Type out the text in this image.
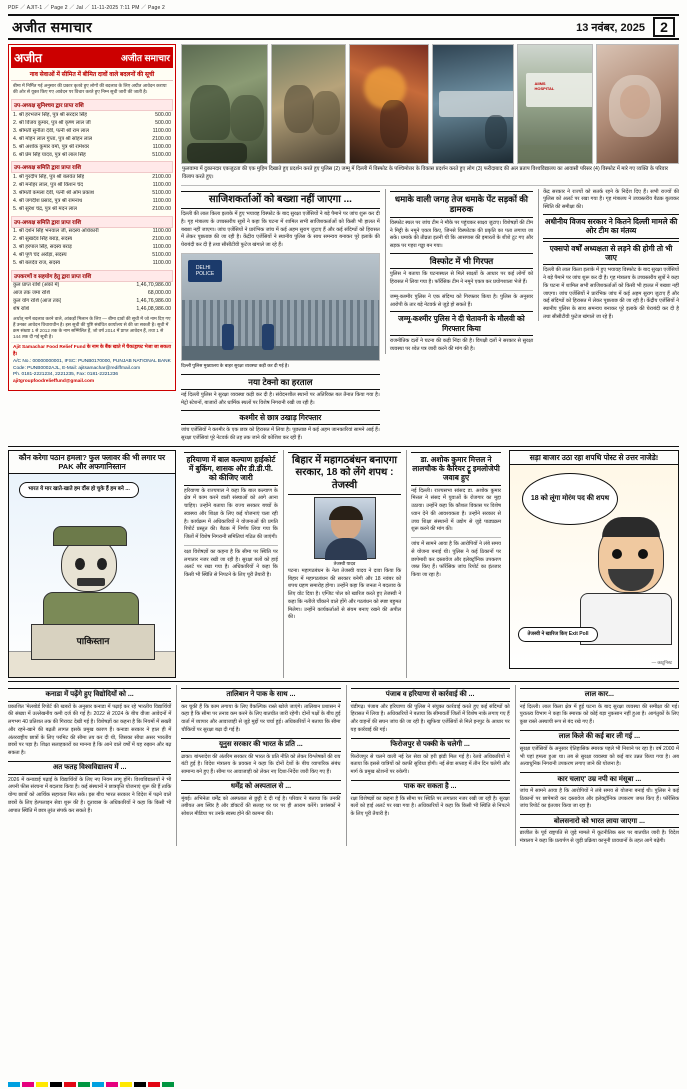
PDF ／ AJIT-1 ／ Page 2 ／ Jal ／ 11-11-2025 7:11 PM ／ Page 2
अजीत समाचार	13 नवंबर, 2025	2
अजीत	अजीत समाचार
नाव सेवाओं में सीमित में बीमित दावों वाले बदलनों की सूची
बीमा में निर्मित गई अनुसार की प्रकार कृतवे हुए लोगों की बदलाव के लिए अग्रीत आवेदन कराया की ओर से यूक्त किए गए आवेदन पर विचार करते हुए निम्न सूची जारी की जाती है।
उप-अध्यक्ष सुनिश्चय द्वार प्राप्त राशि
1. श्री हरभजन सिंह, पुत्र श्री सरदार सिंह	500.00
2. श्री विजय कुमार, पुत्र श्री कृष्ण लाल जी	500.00
3. श्रीमती सुनीता देवी, पत्नी श्री राम लाल	1100.00
4. श्री मोहन लाल गुप्ता, पुत्र श्री सोहन लाल	2100.00
5. श्री अशोक कुमार वर्मा, पुत्र श्री रामेश्वर	1100.00
6. श्री प्रेम सिंह यादव, पुत्र श्री लाल सिंह	5100.00
उप-अध्यक्ष समिति द्वारा प्राप्त राशि
1. श्री गुरदीप सिंह, पुत्र श्री बलवंत सिंह	2100.00
2. श्री मनोहर लाल, पुत्र श्री किशन चंद	1100.00
3. श्रीमती कमला देवी, पत्नी श्री ओम प्रकाश	5100.00
4. श्री जगदीश प्रसाद, पुत्र श्री रामनाथ	1100.00
5. श्री सुरेश चंद्र, पुत्र श्री मदन लाल	2100.00
उप-अध्यक्ष समिति द्वारा प्राप्त राशि
1. श्री दर्शन सिंह भनवाल जी, सदस्य अधिकारी	1100.00
2. श्री सुखदेव सिंह बराड़, सदस्य	2100.00
3. श्री हरपाल सिंह, सदस्य बराड़	1100.00
4. श्री पूर्ण चंद अरोड़ा, सदस्य	5100.00
5. श्री बलदेव राज, सदस्य	1100.00
उपकरणों व सहयोग हेतु द्वारा प्राप्त राशि
कुल प्राप्त राशि (अंकों में)	1,46,70,986.00
आज तक जमा राशि	68,000.00
कुल योग राशि (आज तक)	1,46,76,986.00
शेष राशि	1,46,08,986.00
अर्थात् नामें बदलाव करने वाले, आंकड़ों मिलान के लिए — बीमा दावों की सूची में जो नाम दिए गए हैं उनका आवेदन विचाराधीन है। इस सूची की पुष्टि संबंधित कार्यालय से की जा सकती है। सूची में क्रम संख्या 1 से 2012 तक के नाम सम्मिलित हैं, जो वर्ष 2014 में प्राप्त आवेदन हैं, तथा 1 से 144 तक दी गई सूची है।
Ajit Samachar Food Relief Fund के नाम के बैंक खाते में चैक/ड्राफ्ट भेजा जा सकता है।
A/C No.: 00000000001, IFSC: PUNB0170000, PUNJAB NATIONAL BANK
Code: PUNB0002AJL, E-Mail: ajitsamachar@rediffmail.com
Ph. 0181-2221234, 2221235, Fax: 0181-2221236
ajitgroupfoodrelieffund@gmail.com
AIIMS
HOSPITAL
फुलवामा में दुकानदार एकजुटता की एक मुहिम दिखाते हुए प्रदर्शन करते हुए पुलिस (2) जम्मू में दिल्ली में विस्फोट के पश्चिमोत्तर के विकास प्रदर्शन करते हुए लोग (3) फरीदाबाद की अल प्रताप विश्वविद्यालय का आवासी परिसर (4) विस्फोट में मारे गए व्यक्ति के परिवार विलाप करते हुए।
साजिशकर्ताओं को बख्शा नहीं जाएगा ...
दिल्ली की लाल किला इलाके में हुए भयावह विस्फोट के बाद सुरक्षा एजेंसियों ने बड़े पैमाने पर जांच शुरू कर दी है। गृह मंत्रालय के उच्चस्तरीय सूत्रों ने कहा कि घटना में शामिल सभी साजिशकर्ताओं को किसी भी हालत में बख्शा नहीं जाएगा। जांच एजेंसियों ने प्रारंभिक जांच में कई अहम सुराग जुटाए हैं और कई संदिग्धों को हिरासत में लेकर पूछताछ की जा रही है। केंद्रीय एजेंसियों ने स्थानीय पुलिस के साथ समन्वय बनाकर पूरे इलाके की घेराबंदी कर दी है तथा सीसीटीवी फुटेज खंगाले जा रहे हैं।
DELHI
POLICE
दिल्ली पुलिस मुख्यालय के बाहर सुरक्षा व्यवस्था कड़ी कर दी गई है।
नया टेक्नो का हरताल
नई दिल्ली पुलिस ने सुरक्षा व्यवस्था कड़ी कर दी है। संवेदनशील स्थानों पर अतिरिक्त बल तैनात किया गया है। मेट्रो स्टेशनों, बाजारों और धार्मिक स्थलों पर विशेष निगरानी रखी जा रही है।
कश्मीर से छात्र उखाड़ गिरफ्तार
जांच एजेंसियों ने कश्मीर के एक छात्र को हिरासत में लिया है। पूछताछ में कई अहम जानकारियां सामने आई हैं। सुरक्षा एजेंसियां पूरे नेटवर्क की तह तक जाने की कोशिश कर रही हैं।
धमाके वाली जगह तेज धमाके पेंट सड़कों की डामरुक
विस्फोट स्थल पर जांच टीम ने मौके पर पहुंचकर साक्ष्य जुटाए। विशेषज्ञों की टीम ने मिट्टी के नमूने एकत्र किए, जिनसे विस्फोटक की प्रकृति का पता लगाया जा सके। धमाके की तीव्रता इतनी थी कि आसपास की इमारतों के शीशे टूट गए और सड़क पर गहरा गड्ढा बन गया।
विस्फोट में भी गिरफ्त
पुलिस ने बताया कि घटनास्थल से मिले साक्ष्यों के आधार पर कई लोगों को हिरासत में लिया गया है। फॉरेंसिक टीम ने नमूने एकत्र कर प्रयोगशाला भेजे हैं।
जम्मू-कश्मीर पुलिस ने एक संदिग्ध को गिरफ्तार किया है। पुलिस के अनुसार आरोपी के तार बड़े नेटवर्क से जुड़े हो सकते हैं।
जम्मू-कश्मीर पुलिस ने दी चेतावनी के मौलवी को गिरफ्तार किया
राजनीतिक दलों ने घटना की कड़ी निंदा की है। विपक्षी दलों ने सरकार से सुरक्षा व्यवस्था पर श्वेत पत्र जारी करने की मांग की है।
केंद्र सरकार ने राज्यों को सतर्क रहने के निर्देश दिए हैं। सभी राज्यों की पुलिस को अलर्ट पर रखा गया है। गृह मंत्रालय ने उच्चस्तरीय बैठक बुलाकर स्थिति की समीक्षा की।
अधीनीय विजय सरकार ने कितने दिल्ली मामले की ओर टीम का मंतव्य
एक्सपो वर्षों अध्यक्षता से लड़ने की होगी तो भी जाए
दिल्ली की लाल किला इलाके में हुए भयावह विस्फोट के बाद सुरक्षा एजेंसियों ने बड़े पैमाने पर जांच शुरू कर दी है। गृह मंत्रालय के उच्चस्तरीय सूत्रों ने कहा कि घटना में शामिल सभी साजिशकर्ताओं को किसी भी हालत में बख्शा नहीं जाएगा। जांच एजेंसियों ने प्रारंभिक जांच में कई अहम सुराग जुटाए हैं और कई संदिग्धों को हिरासत में लेकर पूछताछ की जा रही है। केंद्रीय एजेंसियों ने स्थानीय पुलिस के साथ समन्वय बनाकर पूरे इलाके की घेराबंदी कर दी है तथा सीसीटीवी फुटेज खंगाले जा रहे हैं।
कौन करेगा पठान हमला? फुल फ्लावर की भी लगार पर PAK और अफगानिस्तान
भारत ये मार खाते-खाते हम दौंस हो चुके हैं हम बने ...
पाकिस्तान
हरियाणा में बाल कल्याण हाईकोर्ट में बुकिंग, शासक और डी.डी.पी. को कीजिए जारी
हरियाणा के राज्यपाल ने कहा कि बाल कल्याण के क्षेत्र में काम करने वाली संस्थाओं को आगे आना चाहिए। उन्होंने बताया कि राज्य सरकार बच्चों के स्वास्थ्य और शिक्षा के लिए कई योजनाएं चला रही है। कार्यक्रम में अधिकारियों ने योजनाओं की प्रगति रिपोर्ट प्रस्तुत की। बैठक में निर्णय लिया गया कि जिलों में विशेष निगरानी समितियां गठित की जाएंगी।
रक्षा विशेषज्ञों का कहना है कि सीमा पर स्थिति पर लगातार नजर रखी जा रही है। सुरक्षा बलों को हाई अलर्ट पर रखा गया है। अधिकारियों ने कहा कि किसी भी स्थिति से निपटने के लिए पूरी तैयारी है।
बिहार में महागठबंधन बनाएगा सरकार, 18 को लेंगे शपथ : तेजस्वी
तेजस्वी यादव
पटना। महागठबंधन के नेता तेजस्वी यादव ने दावा किया कि बिहार में महागठबंधन की सरकार बनेगी और 18 नवंबर को शपथ ग्रहण समारोह होगा। उन्होंने कहा कि जनता ने बदलाव के लिए वोट दिया है। एग्जिट पोल को खारिज करते हुए तेजस्वी ने कहा कि नतीजे चौंकाने वाले होंगे और गठबंधन को स्पष्ट बहुमत मिलेगा। उन्होंने कार्यकर्ताओं से संयम बनाए रखने की अपील की।
डा. अशोक कुमार मित्तल ने लालचौक के कैरियर ट्रू इमलोजेपी जवाब हुए
नई दिल्ली। राज्यसभा सांसद डा. अशोक कुमार मित्तल ने संसद में युवाओं के रोजगार का मुद्दा उठाया। उन्होंने कहा कि कौशल विकास पर विशेष ध्यान देने की आवश्यकता है। उन्होंने सरकार से उच्च शिक्षा संस्थानों में उद्योग से जुड़े पाठ्यक्रम शुरू करने की मांग की।
जांच में सामने आया है कि आरोपियों ने लंबे समय से योजना बनाई थी। पुलिस ने कई ठिकानों पर छापेमारी कर दस्तावेज और इलेक्ट्रॉनिक उपकरण जब्त किए हैं। फॉरेंसिक जांच रिपोर्ट का इंतजार किया जा रहा है।
सड़ा बाजार उठा रहा शपथि पोस्ट से उत्तर नाजेडे!
18 को लूंगा मोरंम पद की शपथ
तेजस्वी ने खारिज किए Exit Poll
— काटूनिस्ट
कनाडा में पढ़ेंगे हुए विद्योदियों को ...
प्रकाशित 'मेलबोर्ड रिपोर्ट की खबरों के अनुसार कनाडा में पढ़ाई कर रहे भारतीय विद्यार्थियों की संख्या में उल्लेखनीय कमी दर्ज की गई है। 2022 से 2024 के बीच वीजा आवेदनों में लगभग 40 प्रतिशत तक की गिरावट देखी गई है। विशेषज्ञों का कहना है कि नियमों में सख्ती और रहने-खाने की बढ़ती लागत इसके प्रमुख कारण हैं। कनाडा सरकार ने हाल ही में अंतरराष्ट्रीय छात्रों के लिए परमिट की सीमा तय कर दी थी, जिसका सीधा असर भारतीय छात्रों पर पड़ा है। शिक्षा सलाहकारों का मानना है कि आने वाले वर्षों में यह रुझान और बढ़ सकता है।
अत फतह विश्वविद्यालय में ...
2026 में कनाडाई पढ़ाई के विद्यार्थियों के लिए नए नियम लागू होंगे। विश्वविद्यालयों ने भी अपनी फीस संरचना में बदलाव किया है। कई संस्थानों ने छात्रवृत्ति योजनाएं शुरू की हैं ताकि योग्य छात्रों को आर्थिक सहायता मिल सके। इस बीच भारत सरकार ने विदेश में पढ़ने वाले छात्रों के लिए हेल्पलाइन सेवा शुरू की है। दूतावास के अधिकारियों ने कहा कि किसी भी आपात स्थिति में छात्र तुरंत संपर्क कर सकते हैं।
तालिबान ने पाक के साथ ...
कर चुकी हैं कि काम लगाया के लिए वैकल्पिक रास्ते खोजे जाएंगे। तालिबान प्रशासन ने कहा है कि सीमा पर तनाव कम करने के लिए बातचीत जारी रहेगी। दोनों पक्षों के बीच हुई वार्ता में व्यापार और आवाजाही से जुड़े मुद्दों पर चर्चा हुई। अधिकारियों ने बताया कि सीमा चौकियों पर सुरक्षा बढ़ा दी गई है।
यूनुस सरकार की भारत के प्रति ...
ढाका। बांग्लादेश की अंतरिम सरकार की भारत के प्रति नीति को लेकर विश्लेषकों की राय बंटी हुई है। विदेश मंत्रालय के प्रवक्ता ने कहा कि दोनों देशों के बीच व्यापारिक संबंध सामान्य बने हुए हैं। सीमा पर आवाजाही को लेकर नए दिशा-निर्देश जारी किए गए हैं।
धर्मेंद्र को अस्पताल से ...
मुंबई। अभिनेता धर्मेंद्र को अस्पताल से छुट्टी दे दी गई है। परिवार ने बताया कि उनकी तबीयत अब स्थिर है और डॉक्टरों की सलाह पर घर पर ही आराम करेंगे। प्रशंसकों ने सोशल मीडिया पर उनके स्वस्थ होने की कामना की।
पंजाब व हरियाणा से कार्रवाई की ...
चंडीगढ़। पंजाब और हरियाणा की पुलिस ने संयुक्त कार्रवाई करते हुए कई संदिग्धों को हिरासत में लिया है। अधिकारियों ने बताया कि सीमावर्ती जिलों में विशेष नाके लगाए गए हैं और वाहनों की सघन जांच की जा रही है। खुफिया एजेंसियों से मिले इनपुट के आधार पर यह कार्रवाई की गई।
फिरोजपुर से पक्की के चलेगी ...
फिरोजपुर से चलने वाली नई रेल सेवा को हरी झंडी मिल गई है। रेलवे अधिकारियों ने बताया कि इससे यात्रियों को काफी सुविधा होगी। नई सेवा सप्ताह में तीन दिन चलेगी और मार्ग के प्रमुख स्टेशनों पर रुकेगी।
पाक कर सकता है ...
रक्षा विशेषज्ञों का कहना है कि सीमा पर स्थिति पर लगातार नजर रखी जा रही है। सुरक्षा बलों को हाई अलर्ट पर रखा गया है। अधिकारियों ने कहा कि किसी भी स्थिति से निपटने के लिए पूरी तैयारी है।
लाल कार...
नई दिल्ली। लाल किला क्षेत्र में हुई घटना के बाद सुरक्षा व्यवस्था की समीक्षा की गई। पुरातत्व विभाग ने कहा कि स्मारक को कोई बड़ा नुकसान नहीं हुआ है। आगंतुकों के लिए कुछ रास्ते अस्थायी रूप से बंद रखे गए हैं।
लाल किले की कई बार ली गई ...
सुरक्षा एजेंसियों के अनुसार ऐतिहासिक स्मारक पहले भी निशाने पर रहा है। वर्ष 2000 में भी यहां हमला हुआ था। तब से सुरक्षा व्यवस्था को कई बार उन्नत किया गया है। अब अत्याधुनिक निगरानी उपकरण लगाए जाने की योजना है।
कार चलाए' उम्र नपी का मंसूबा ...
जांच में सामने आया है कि आरोपियों ने लंबे समय से योजना बनाई थी। पुलिस ने कई ठिकानों पर छापेमारी कर दस्तावेज और इलेक्ट्रॉनिक उपकरण जब्त किए हैं। फॉरेंसिक जांच रिपोर्ट का इंतजार किया जा रहा है।
बोलसनारो को भारत लाया जाएगा ...
ब्राजील के पूर्व राष्ट्रपति से जुड़े मामले में कूटनीतिक स्तर पर बातचीत जारी है। विदेश मंत्रालय ने कहा कि प्रत्यर्पण से जुड़ी प्रक्रिया कानूनी प्रावधानों के तहत आगे बढ़ेगी।
